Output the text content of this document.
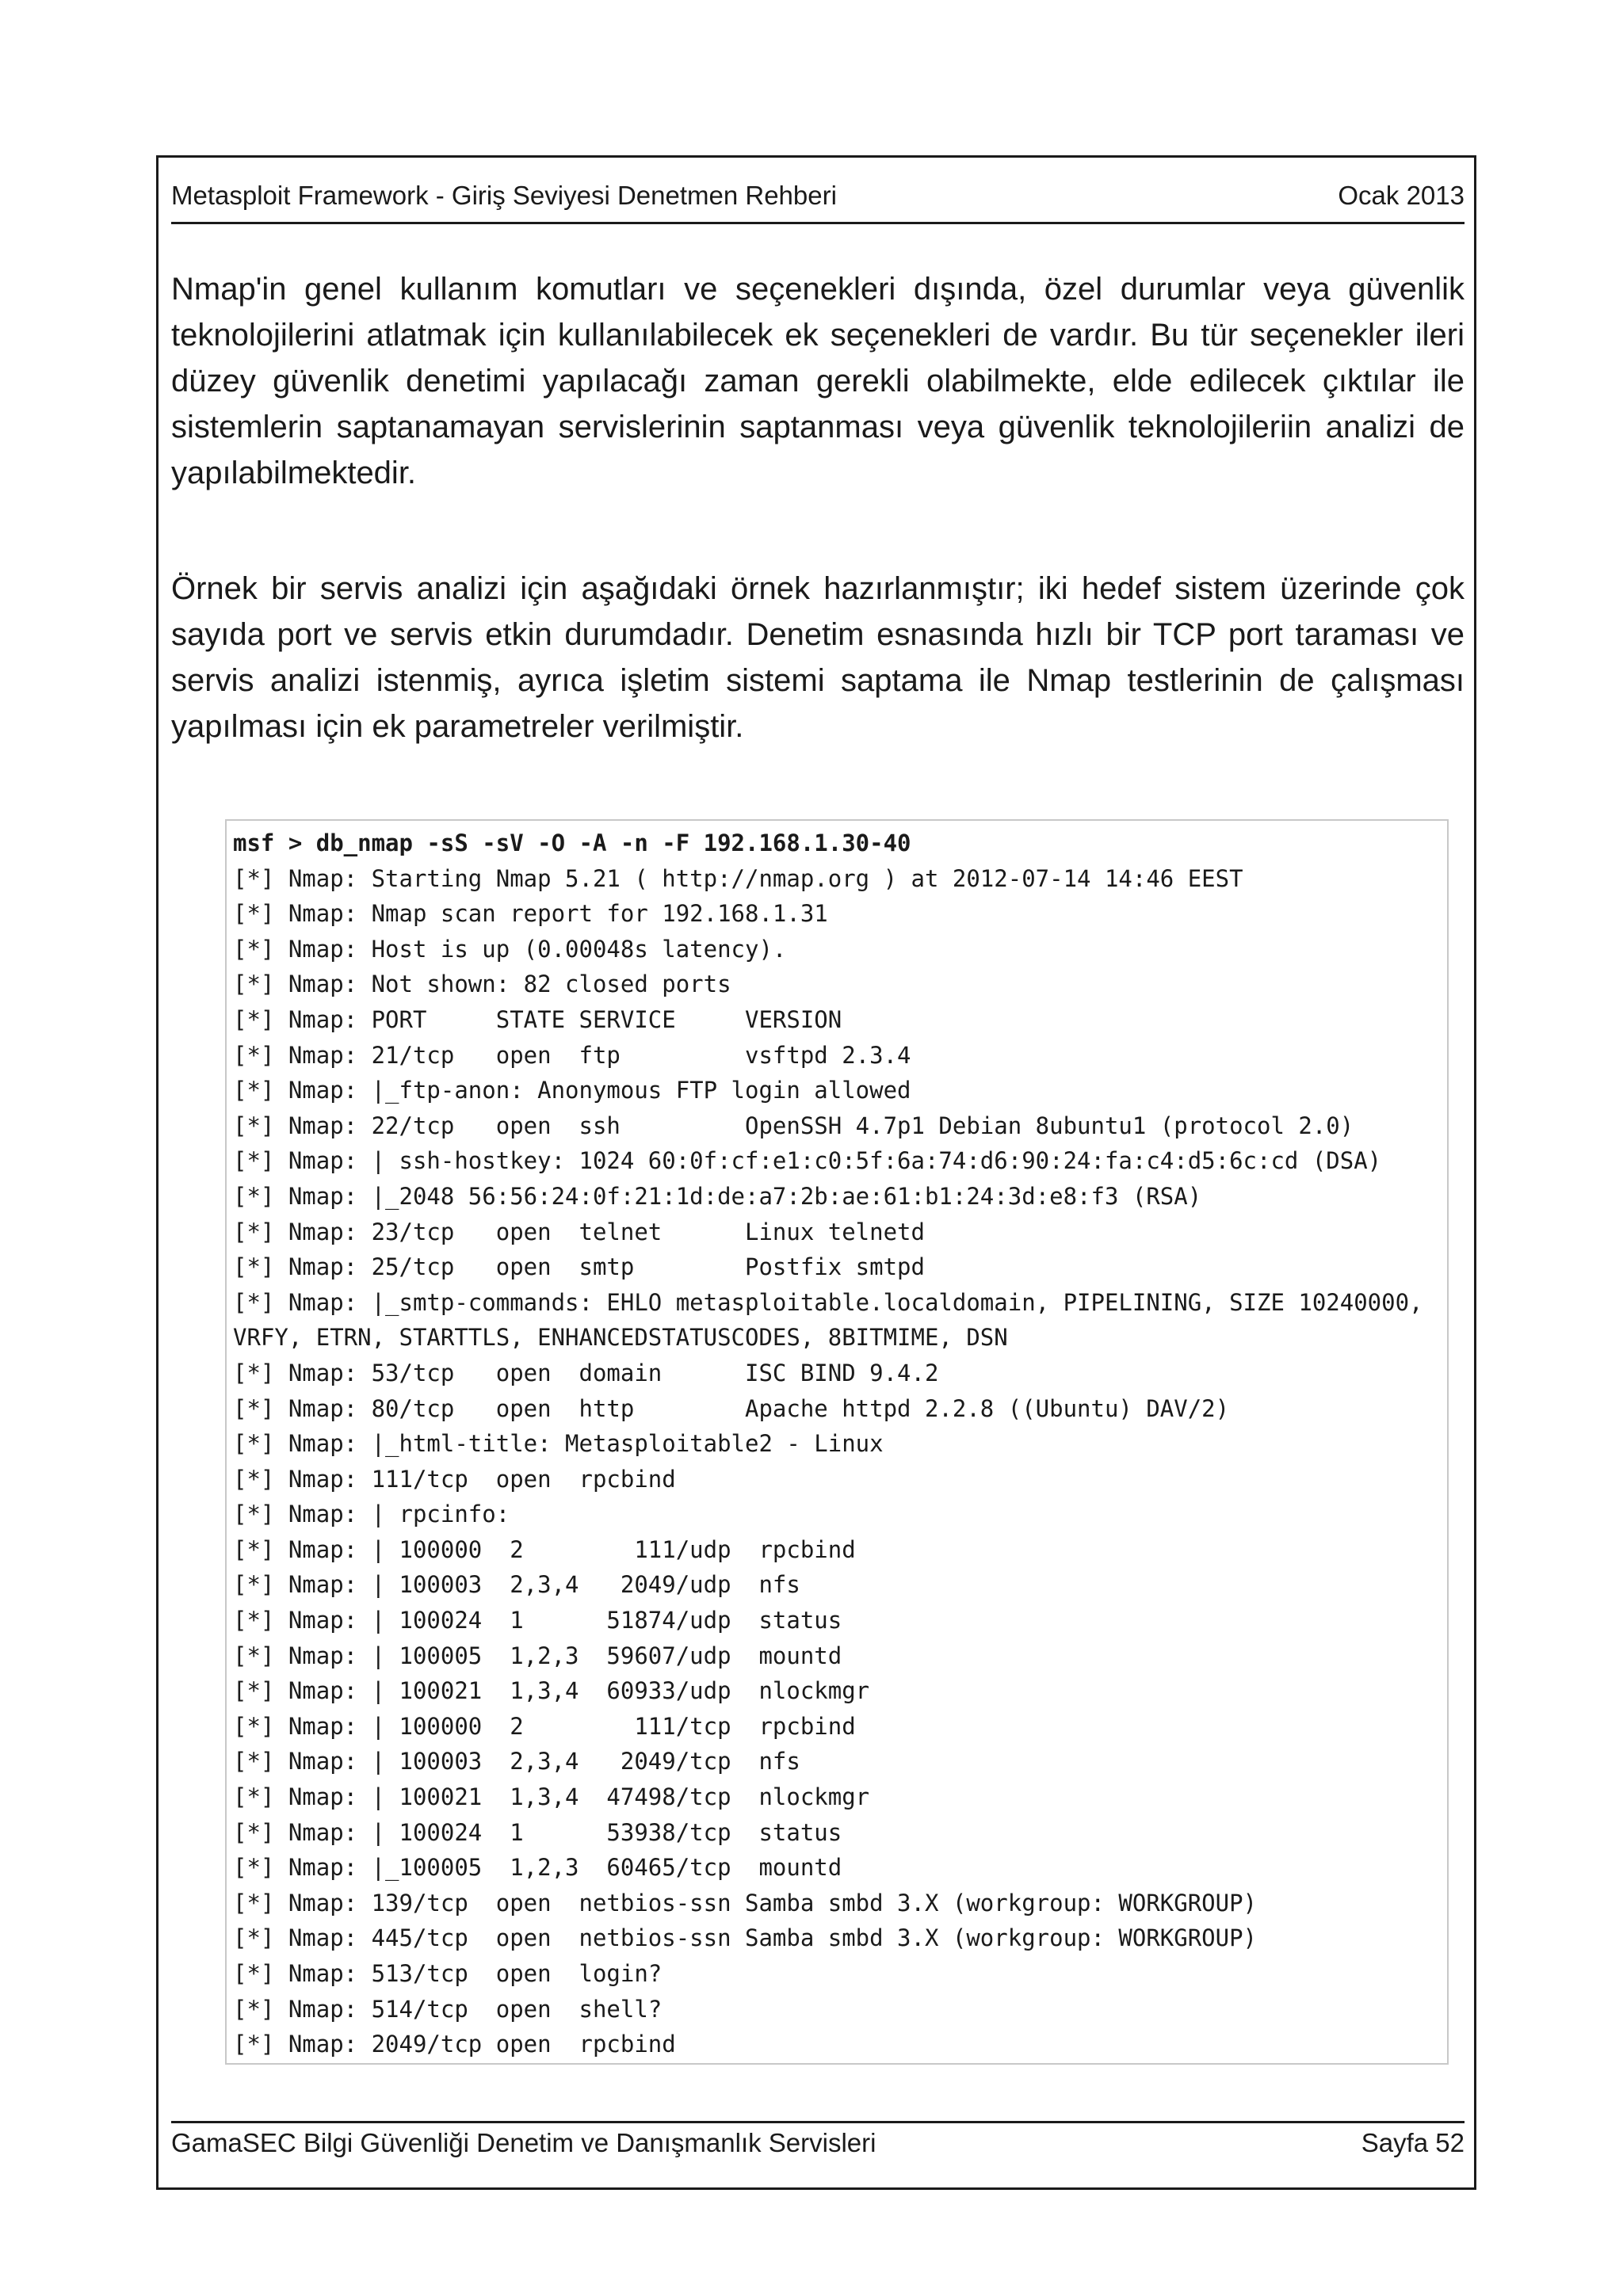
Metasploit Framework - Giriş Seviyesi Denetmen Rehberi	Ocak 2013

Nmap'in genel kullanım komutları ve seçenekleri dışında, özel durumlar veya güvenlik teknolojilerini atlatmak için kullanılabilecek ek seçenekleri de vardır. Bu tür seçenekler ileri düzey güvenlik denetimi yapılacağı zaman gerekli olabilmekte, elde edilecek çıktılar ile sistemlerin saptanamayan servislerinin saptanması veya güvenlik teknolojileriin analizi de yapılabilmektedir.

Örnek bir servis analizi için aşağıdaki örnek hazırlanmıştır; iki hedef sistem üzerinde çok sayıda port ve servis etkin durumdadır. Denetim esnasında hızlı bir TCP port taraması ve servis analizi istenmiş, ayrıca işletim sistemi saptama ile Nmap testlerinin de çalışması yapılması için ek parametreler verilmiştir.

msf > db_nmap -sS -sV -O -A -n -F 192.168.1.30-40
[*] Nmap: Starting Nmap 5.21 ( http://nmap.org ) at 2012-07-14 14:46 EEST
[*] Nmap: Nmap scan report for 192.168.1.31
[*] Nmap: Host is up (0.00048s latency).
[*] Nmap: Not shown: 82 closed ports
[*] Nmap: PORT     STATE SERVICE     VERSION
[*] Nmap: 21/tcp   open  ftp         vsftpd 2.3.4
[*] Nmap: |_ftp-anon: Anonymous FTP login allowed
[*] Nmap: 22/tcp   open  ssh         OpenSSH 4.7p1 Debian 8ubuntu1 (protocol 2.0)
[*] Nmap: | ssh-hostkey: 1024 60:0f:cf:e1:c0:5f:6a:74:d6:90:24:fa:c4:d5:6c:cd (DSA)
[*] Nmap: |_2048 56:56:24:0f:21:1d:de:a7:2b:ae:61:b1:24:3d:e8:f3 (RSA)
[*] Nmap: 23/tcp   open  telnet      Linux telnetd
[*] Nmap: 25/tcp   open  smtp        Postfix smtpd
[*] Nmap: |_smtp-commands: EHLO metasploitable.localdomain, PIPELINING, SIZE 10240000,
VRFY, ETRN, STARTTLS, ENHANCEDSTATUSCODES, 8BITMIME, DSN
[*] Nmap: 53/tcp   open  domain      ISC BIND 9.4.2
[*] Nmap: 80/tcp   open  http        Apache httpd 2.2.8 ((Ubuntu) DAV/2)
[*] Nmap: |_html-title: Metasploitable2 - Linux
[*] Nmap: 111/tcp  open  rpcbind
[*] Nmap: | rpcinfo:
[*] Nmap: | 100000  2        111/udp  rpcbind
[*] Nmap: | 100003  2,3,4   2049/udp  nfs
[*] Nmap: | 100024  1      51874/udp  status
[*] Nmap: | 100005  1,2,3  59607/udp  mountd
[*] Nmap: | 100021  1,3,4  60933/udp  nlockmgr
[*] Nmap: | 100000  2        111/tcp  rpcbind
[*] Nmap: | 100003  2,3,4   2049/tcp  nfs
[*] Nmap: | 100021  1,3,4  47498/tcp  nlockmgr
[*] Nmap: | 100024  1      53938/tcp  status
[*] Nmap: |_100005  1,2,3  60465/tcp  mountd
[*] Nmap: 139/tcp  open  netbios-ssn Samba smbd 3.X (workgroup: WORKGROUP)
[*] Nmap: 445/tcp  open  netbios-ssn Samba smbd 3.X (workgroup: WORKGROUP)
[*] Nmap: 513/tcp  open  login?
[*] Nmap: 514/tcp  open  shell?
[*] Nmap: 2049/tcp open  rpcbind
GamaSEC Bilgi Güvenliği Denetim ve Danışmanlık Servisleri	Sayfa 52
